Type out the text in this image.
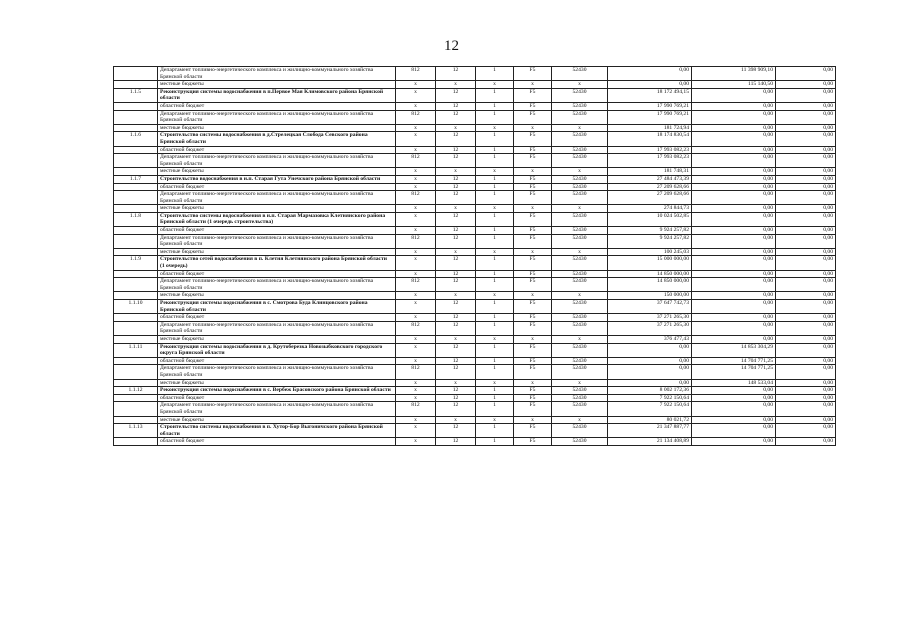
12
	Департамент топливно-энергетического комплекса и жилищно-коммунального хозяйства Брянской области	812	12	1	F5	52430	0,00	11 398 909,10	0,00
	местные бюджеты	x	x	x	x	x	0,00	115 140,50	0,00
1.1.5	Реконструкция системы водоснабжения в п.Первое Мая Климовского района Брянской области	x	12	1	F5	52430	18 172 494,15	0,00	0,00
	областной бюджет	x	12	1	F5	52430	17 990 769,21	0,00	0,00
	Департамент топливно-энергетического комплекса и жилищно-коммунального хозяйства Брянской области	812	12	1	F5	52430	17 990 769,21	0,00	0,00
	местные бюджеты	x	x	x	x	x	181 724,94	0,00	0,00
1.1.6	Строительство системы водоснабжения в д.Стрелецкая Слобода Севского района Брянской области	x	12	1	F5	52430	18 174 830,54	0,00	0,00
	областной бюджет	x	12	1	F5	52430	17 993 082,23	0,00	0,00
	Департамент топливно-энергетического комплекса и жилищно-коммунального хозяйства Брянской области	812	12	1	F5	52430	17 993 082,23	0,00	0,00
	местные бюджеты	x	x	x	x	x	181 748,31	0,00	0,00
1.1.7	Строительство водоснабжения в н.п. Старая Гута Унечского района Брянской области	x	12	1	F5	52430	27 484 473,39	0,00	0,00
	областной бюджет	x	12	1	F5	52430	27 209 628,66	0,00	0,00
	Департамент топливно-энергетического комплекса и жилищно-коммунального хозяйства Брянской области	812	12	1	F5	52430	27 209 628,66	0,00	0,00
	местные бюджеты	x	x	x	x	x	274 844,73	0,00	0,00
1.1.8	Строительство системы водоснабжения в н.п. Старая Мармазовка Клетнянского района Брянской области (1 очередь строительства)	x	12	1	F5	52430	10 024 502,85	0,00	0,00
	областной бюджет	x	12	1	F5	52430	9 924 257,82	0,00	0,00
	Департамент топливно-энергетического комплекса и жилищно-коммунального хозяйства Брянской области	812	12	1	F5	52430	9 924 257,82	0,00	0,00
	местные бюджеты	x	x	x	x	x	100 245,03	0,00	0,00
1.1.9	Строительство сетей водоснабжения в п. Клетня Клетнянского района Брянской области (1 очередь)	x	12	1	F5	52430	15 000 000,00	0,00	0,00
	областной бюджет	x	12	1	F5	52430	14 850 000,00	0,00	0,00
	Департамент топливно-энергетического комплекса и жилищно-коммунального хозяйства Брянской области	812	12	1	F5	52430	14 850 000,00	0,00	0,00
	местные бюджеты	x	x	x	x	x	150 000,00	0,00	0,00
1.1.10	Реконструкция системы водоснабжения в с. Смотрова Буда Клинцовского района Брянской области	x	12	1	F5	52430	37 647 742,73	0,00	0,00
	областной бюджет	x	12	1	F5	52430	37 271 265,30	0,00	0,00
	Департамент топливно-энергетического комплекса и жилищно-коммунального хозяйства Брянской области	812	12	1	F5	52430	37 271 265,30	0,00	0,00
	местные бюджеты	x	x	x	x	x	376 477,43	0,00	0,00
1.1.11	Реконструкция системы водоснабжения в д. Крутоберезка Новозыбковского городского округа Брянской области	x	12	1	F5	52430	0,00	14 853 304,29	0,00
	областной бюджет	x	12	1	F5	52430	0,00	14 704 771,25	0,00
	Департамент топливно-энергетического комплекса и жилищно-коммунального хозяйства Брянской области	812	12	1	F5	52430	0,00	14 704 771,25	0,00
	местные бюджеты	x	x	x	x	x	0,00	148 533,04	0,00
1.1.12	Реконструкция системы водоснабжения в с. Вербеж Брасовского района Брянской области	x	12	1	F5	52430	8 002 172,36	0,00	0,00
	областной бюджет	x	12	1	F5	52430	7 922 150,64	0,00	0,00
	Департамент топливно-энергетического комплекса и жилищно-коммунального хозяйства Брянской области	812	12	1	F5	52430	7 922 150,64	0,00	0,00
	местные бюджеты	x	x	x	x	x	80 021,72	0,00	0,00
1.1.13	Строительство системы водоснабжения в п. Хутор-Бор Выгоничского района Брянской области	x	12	1	F5	52430	21 347 887,77	0,00	0,00
	областной бюджет	x	12	1	F5	52430	21 134 408,89	0,00	0,00
